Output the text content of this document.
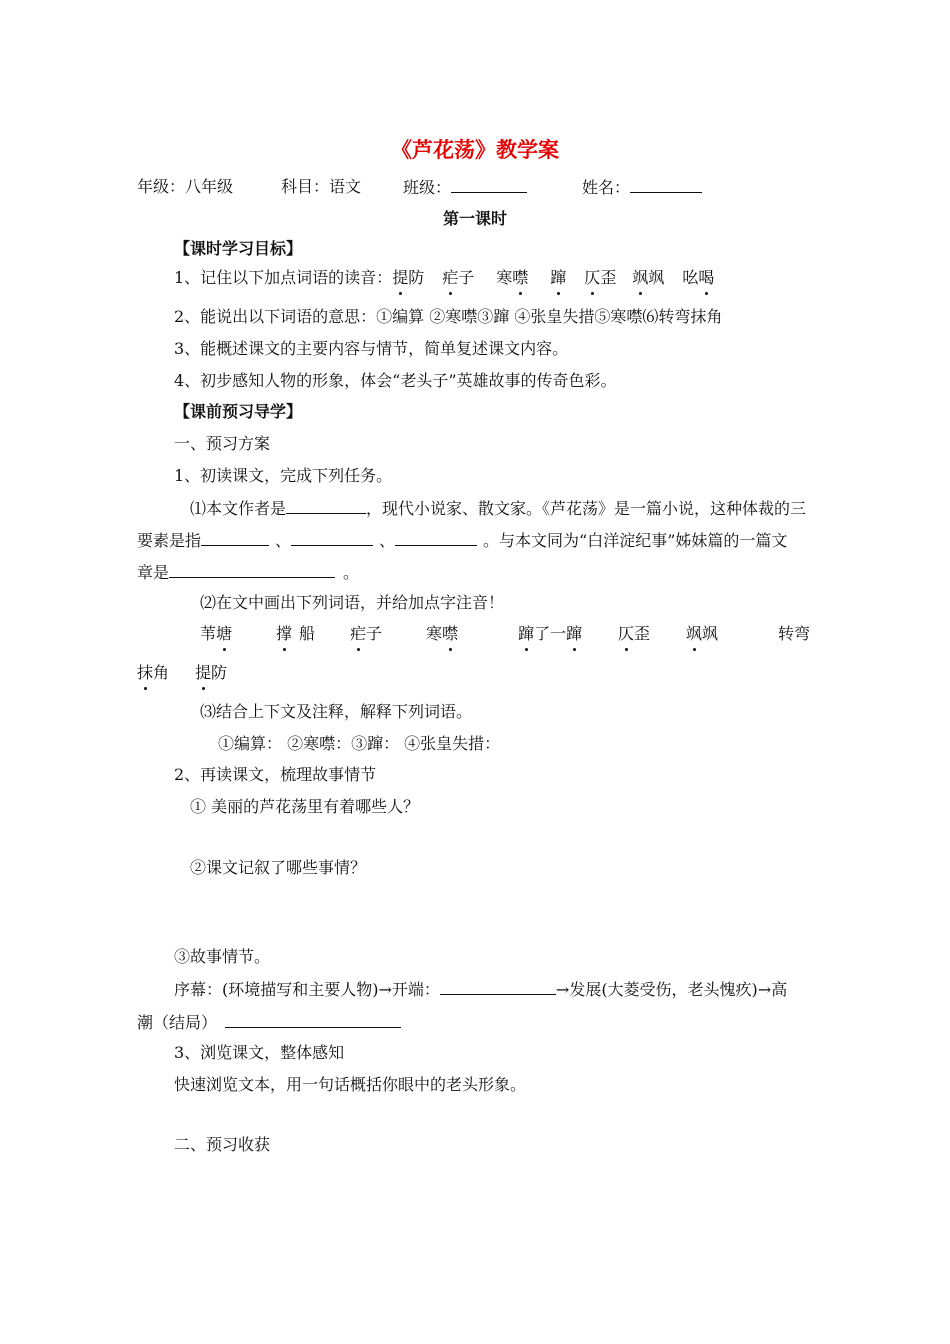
《芦花荡》教学案
年级：八年级	科目：语文	班级：	姓名：
第一课时
【课时学习目标】
1、记住以下加点词语的读音：提防 疟子 寒噤 蹿 仄歪 飒飒 吆喝
2、能说出以下词语的意思：①编算 ②寒噤③蹿 ④张皇失措⑤寒噤⑹转弯抹角
3、能概述课文的主要内容与情节，简单复述课文内容。
4、初步感知人物的形象，体会“老头子”英雄故事的传奇色彩。
【课前预习导学】
一、预习方案
1、初读课文，完成下列任务。
⑴本文作者是	，现代小说家、散文家。《芦花荡》是一篇小说，这种体裁的三
要素是指	、	、	。与本文同为“白洋淀纪事”姊妹篇的一篇文
章是	。
⑵在文中画出下列词语，并给加点字注音！
苇塘	撑 船 疟子	寒噤	蹿了一蹿 仄歪 飒飒	转弯
抹角 提防
⑶结合上下文及注释，解释下列词语。
①编算： ②寒噤：③蹿： ④张皇失措：
2、再读课文，梳理故事情节
① 美丽的芦花荡里有着哪些人？
②课文记叙了哪些事情？
③故事情节。
序幕：(环境描写和主要人物)→开端：	→发展(大菱受伤，老头愧疚)→高
潮（结局）
3、浏览课文，整体感知
快速浏览文本，用一句话概括你眼中的老头形象。
二、预习收获
